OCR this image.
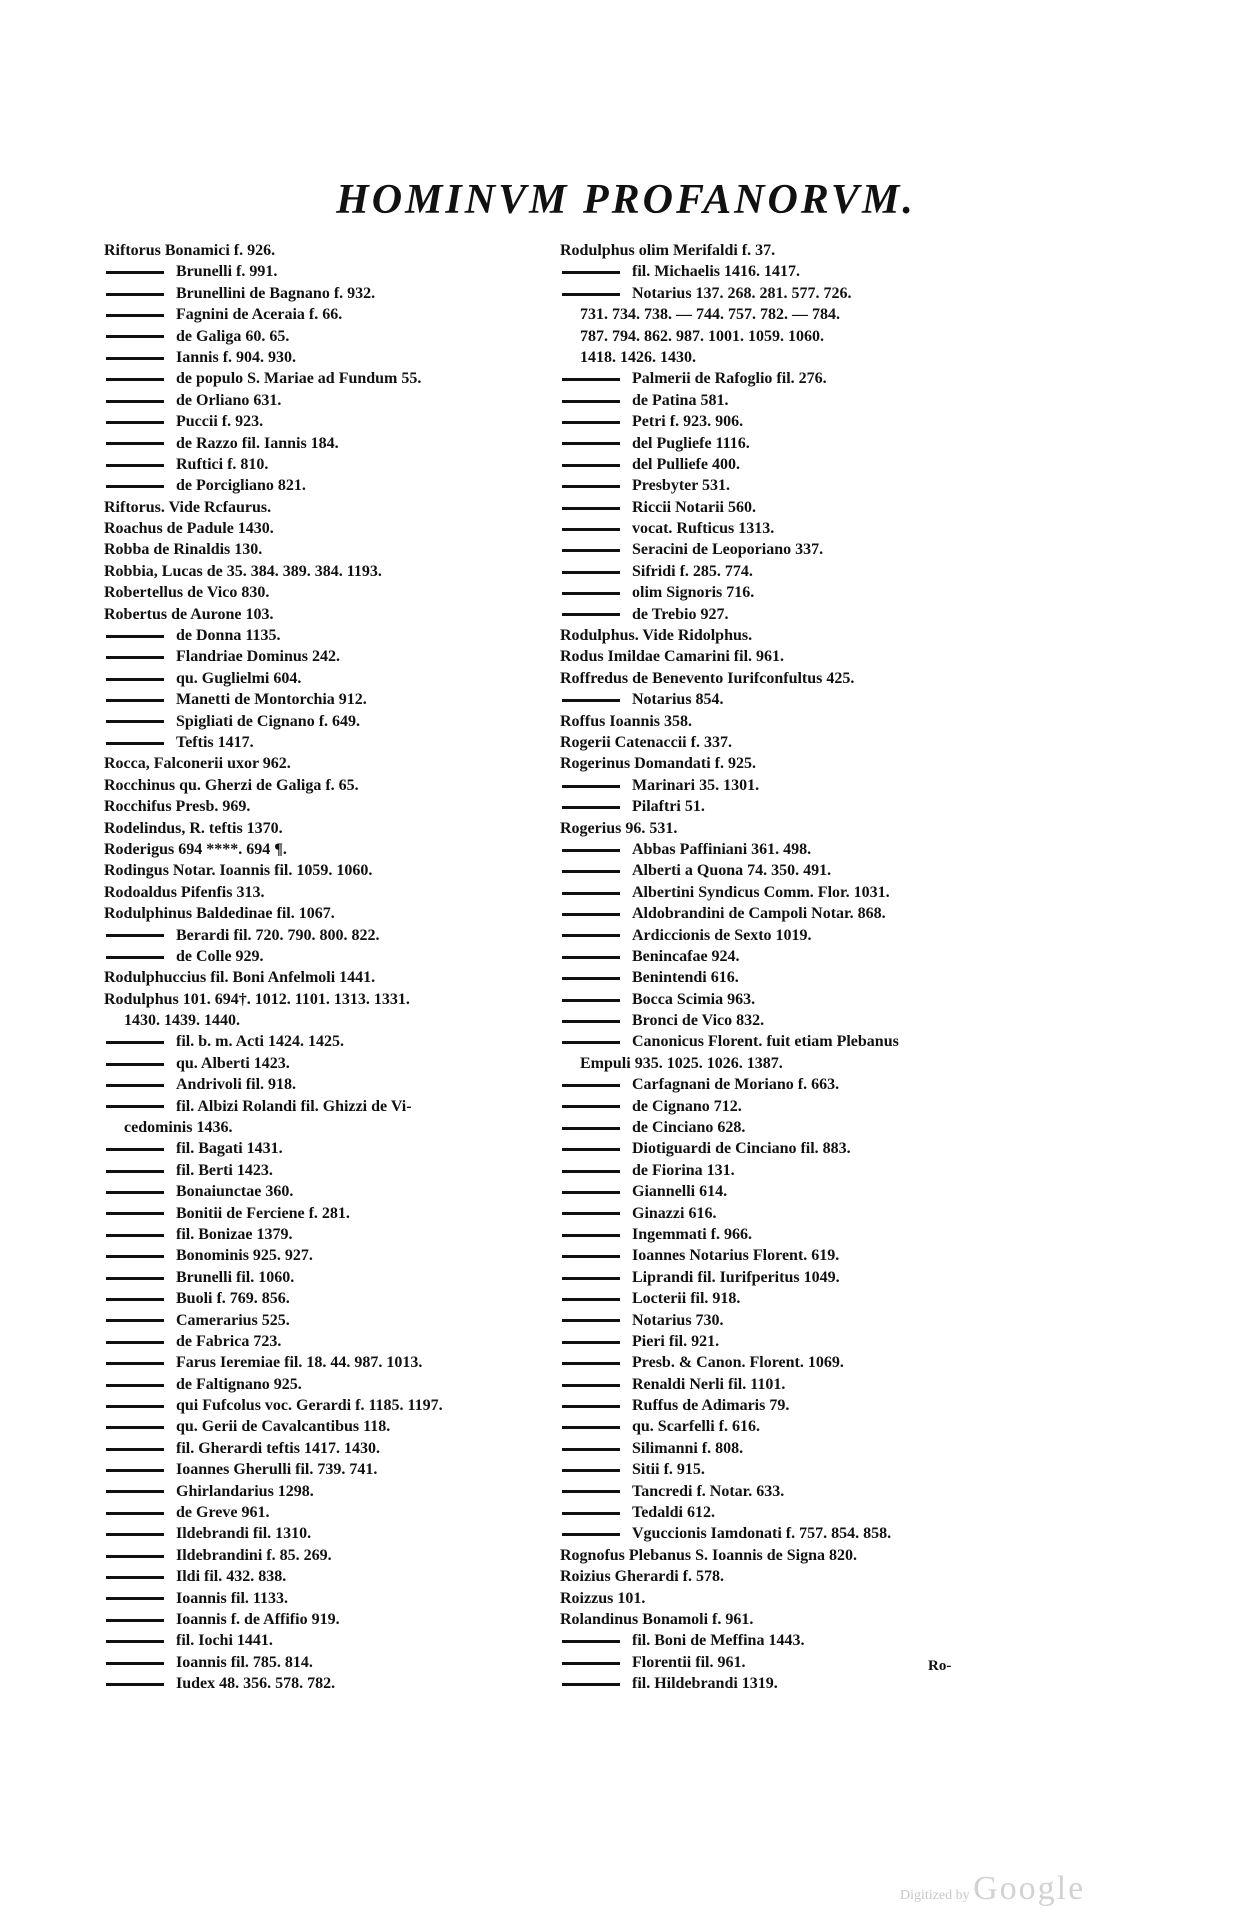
HOMINVM PROFANORVM.
Riftorus Bonamici f. 926.
Brunelli f. 991.
Brunellini de Bagnano f. 932.
Fagnini de Aceraia f. 66.
de Galiga 60. 65.
Iannis f. 904. 930.
de populo S. Mariae ad Fundum 55.
de Orliano 631.
Puccii f. 923.
de Razzo fil. Iannis 184.
Ruftici f. 810.
de Porcigliano 821.
Riftorus. Vide Rcfaurus.
Roachus de Padule 1430.
Robba de Rinaldis 130.
Robbia, Lucas de 35. 384. 389. 384. 1193.
Robertellus de Vico 830.
Robertus de Aurone 103.
de Donna 1135.
Flandriae Dominus 242.
qu. Guglielmi 604.
Manetti de Montorchia 912.
Spigliati de Cignano f. 649.
Teftis 1417.
Rocca, Falconerii uxor 962.
Rocchinus qu. Gherzi de Galiga f. 65.
Rocchifus Presb. 969.
Rodelindus, R. teftis 1370.
Roderigus 694 ****. 694 ¶.
Rodingus Notar. Ioannis fil. 1059. 1060.
Rodoaldus Pifenfis 313.
Rodulphinus Baldedinae fil. 1067.
Berardi fil. 720. 790. 800. 822.
de Colle 929.
Rodulphuccius fil. Boni Anfelmoli 1441.
Rodulphus 101. 694†. 1012. 1101. 1313. 1331.
1430. 1439. 1440.
fil. b. m. Acti 1424. 1425.
qu. Alberti 1423.
Andrivoli fil. 918.
fil. Albizi Rolandi fil. Ghizzi de Vi-
cedominis 1436.
fil. Bagati 1431.
fil. Berti 1423.
Bonaiunctae 360.
Bonitii de Ferciene f. 281.
fil. Bonizae 1379.
Bonominis 925. 927.
Brunelli fil. 1060.
Buoli f. 769. 856.
Camerarius 525.
de Fabrica 723.
Farus Ieremiae fil. 18. 44. 987. 1013.
de Faltignano 925.
qui Fufcolus voc. Gerardi f. 1185. 1197.
qu. Gerii de Cavalcantibus 118.
fil. Gherardi teftis 1417. 1430.
Ioannes Gherulli fil. 739. 741.
Ghirlandarius 1298.
de Greve 961.
Ildebrandi fil. 1310.
Ildebrandini f. 85. 269.
Ildi fil. 432. 838.
Ioannis fil. 1133.
Ioannis f. de Affifio 919.
fil. Iochi 1441.
Ioannis fil. 785. 814.
Iudex 48. 356. 578. 782.
Rodulphus olim Merifaldi f. 37.
fil. Michaelis 1416. 1417.
Notarius 137. 268. 281. 577. 726.
731. 734. 738. — 744. 757. 782. — 784.
787. 794. 862. 987. 1001. 1059. 1060.
1418. 1426. 1430.
Palmerii de Rafoglio fil. 276.
de Patina 581.
Petri f. 923. 906.
del Pugliefe 1116.
del Pulliefe 400.
Presbyter 531.
Riccii Notarii 560.
vocat. Rufticus 1313.
Seracini de Leoporiano 337.
Sifridi f. 285. 774.
olim Signoris 716.
de Trebio 927.
Rodulphus. Vide Ridolphus.
Rodus Imildae Camarini fil. 961.
Roffredus de Benevento Iurifconfultus 425.
Notarius 854.
Roffus Ioannis 358.
Rogerii Catenaccii f. 337.
Rogerinus Domandati f. 925.
Marinari 35. 1301.
Pilaftri 51.
Rogerius 96. 531.
Abbas Paffiniani 361. 498.
Alberti a Quona 74. 350. 491.
Albertini Syndicus Comm. Flor. 1031.
Aldobrandini de Campoli Notar. 868.
Ardiccionis de Sexto 1019.
Benincafae 924.
Benintendi 616.
Bocca Scimia 963.
Bronci de Vico 832.
Canonicus Florent. fuit etiam Plebanus
Empuli 935. 1025. 1026. 1387.
Carfagnani de Moriano f. 663.
de Cignano 712.
de Cinciano 628.
Diotiguardi de Cinciano fil. 883.
de Fiorina 131.
Giannelli 614.
Ginazzi 616.
Ingemmati f. 966.
Ioannes Notarius Florent. 619.
Liprandi fil. Iurifperitus 1049.
Locterii fil. 918.
Notarius 730.
Pieri fil. 921.
Presb. & Canon. Florent. 1069.
Renaldi Nerli fil. 1101.
Ruffus de Adimaris 79.
qu. Scarfelli f. 616.
Silimanni f. 808.
Sitii f. 915.
Tancredi f. Notar. 633.
Tedaldi 612.
Vguccionis Iamdonati f. 757. 854. 858.
Rognofus Plebanus S. Ioannis de Signa 820.
Roizius Gherardi f. 578.
Roizzus 101.
Rolandinus Bonamoli f. 961.
fil. Boni de Meffina 1443.
Florentii fil. 961.
fil. Hildebrandi 1319.
Ro-
Digitized by Google
